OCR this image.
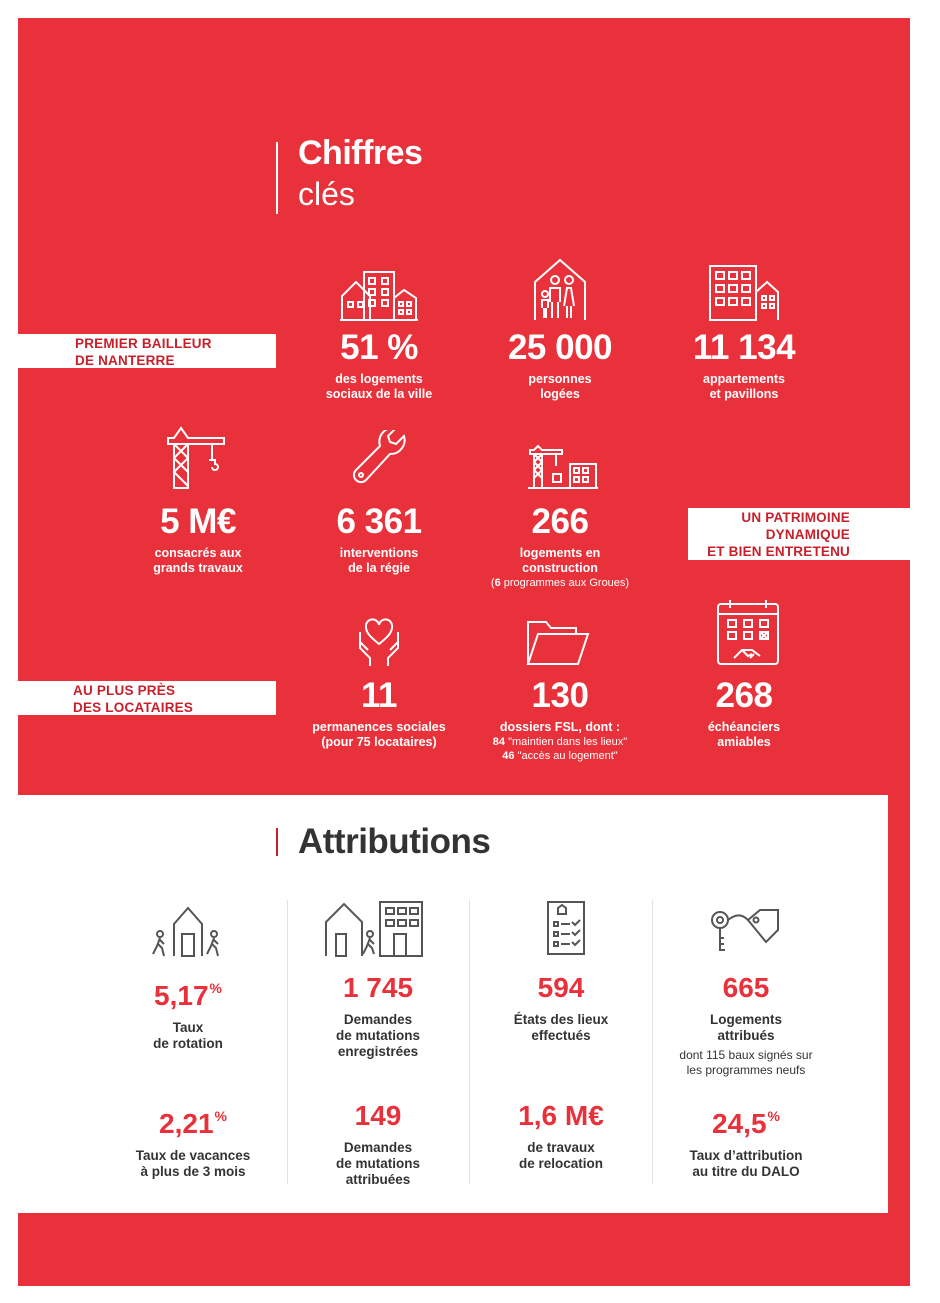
Chiffres
clés
PREMIER BAILLEUR
DE NANTERRE
UN PATRIMOINE
DYNAMIQUE
ET BIEN ENTRETENU
AU PLUS PRÈS
DES LOCATAIRES
51 %
des logements
sociaux de la ville
25 000
personnes
logées
11 134
appartements
et pavillons
5 M€
consacrés aux
grands travaux
6 361
interventions
de la régie
266
logements en
construction
(6 programmes aux Groues)
11
permanences sociales
(pour 75 locataires)
130
dossiers FSL, dont :
84 "maintien dans les lieux"
46 "accès au logement"
268
échéanciers
amiables
Attributions
5,17%
Taux
de rotation
1 745
Demandes
de mutations
enregistrées
594
États des lieux
effectués
665
Logements
attribués
dont 115 baux signés sur
les programmes neufs
2,21%
Taux de vacances
à plus de 3 mois
149
Demandes
de mutations
attribuées
1,6 M€
de travaux
de relocation
24,5%
Taux d’attribution
au titre du DALO
